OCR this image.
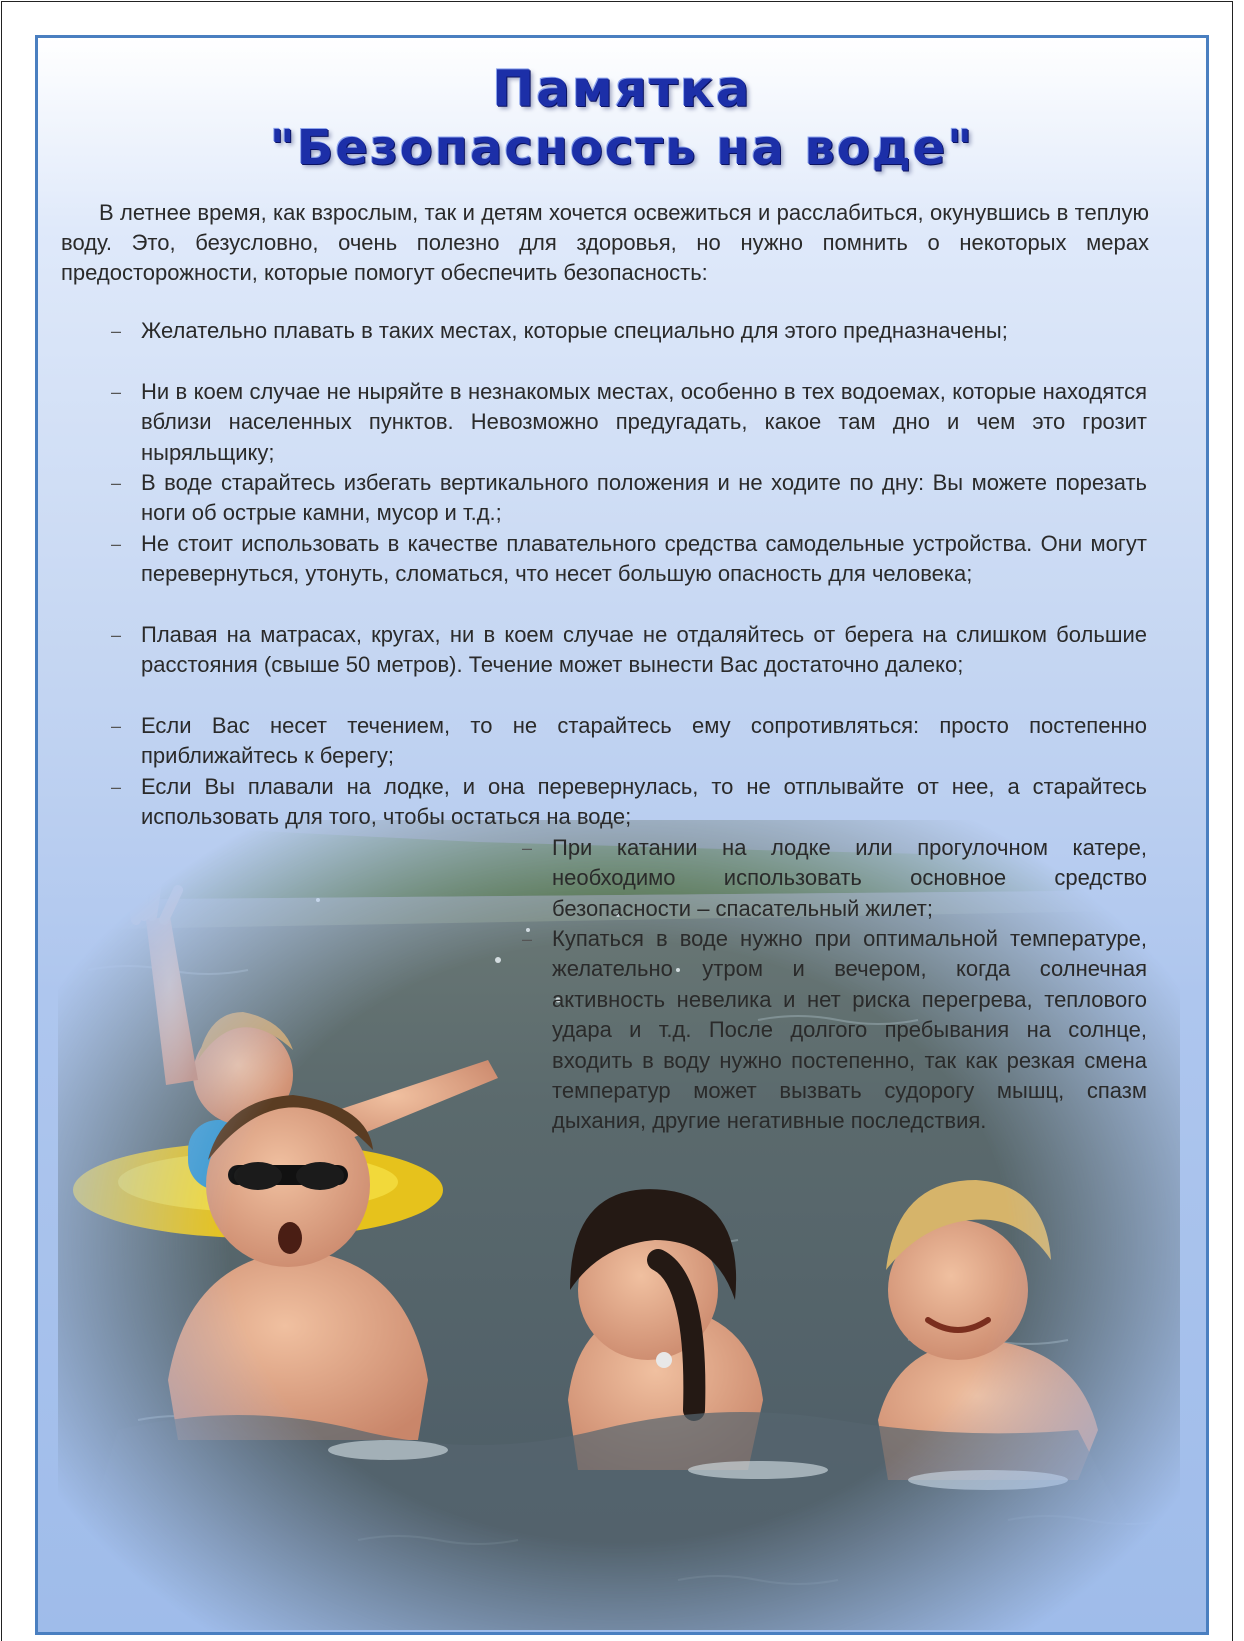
Памятка
"Безопасность на воде"

В летнее время, как взрослым, так и детям хочется освежиться и расслабиться, окунувшись в теплую воду. Это, безусловно, очень полезно для здоровья, но нужно помнить о некоторых мерах предосторожности, которые помогут обеспечить безопасность:

– Желательно плавать в таких местах, которые специально для этого предназначены;
– Ни в коем случае не ныряйте в незнакомых местах, особенно в тех водоемах, которые находятся вблизи населенных пунктов. Невозможно предугадать, какое там дно и чем это грозит ныряльщику;
– В воде старайтесь избегать вертикального положения и не ходите по дну: Вы можете порезать ноги об острые камни, мусор и т.д.;
– Не стоит использовать в качестве плавательного средства самодельные устройства. Они могут перевернуться, утонуть, сломаться, что несет большую опасность для человека;
– Плавая на матрасах, кругах, ни в коем случае не отдаляйтесь от берега на слишком большие расстояния (свыше 50 метров). Течение может вынести Вас достаточно далеко;
– Если Вас несет течением, то не старайтесь ему сопротивляться: просто постепенно приближайтесь к берегу;
– Если Вы плавали на лодке, и она перевернулась, то не отплывайте от нее, а старайтесь использовать для того, чтобы остаться на воде;
– При катании на лодке или прогулочном катере, необходимо использовать основное средство безопасности – спасательный жилет;
– Купаться в воде нужно при оптимальной температуре, желательно утром и вечером, когда солнечная активность невелика и нет риска перегрева, теплового удара и т.д. После долгого пребывания на солнце, входить в воду нужно постепенно, так как резкая смена температур может вызвать судорогу мышц, спазм дыхания, другие негативные последствия.
